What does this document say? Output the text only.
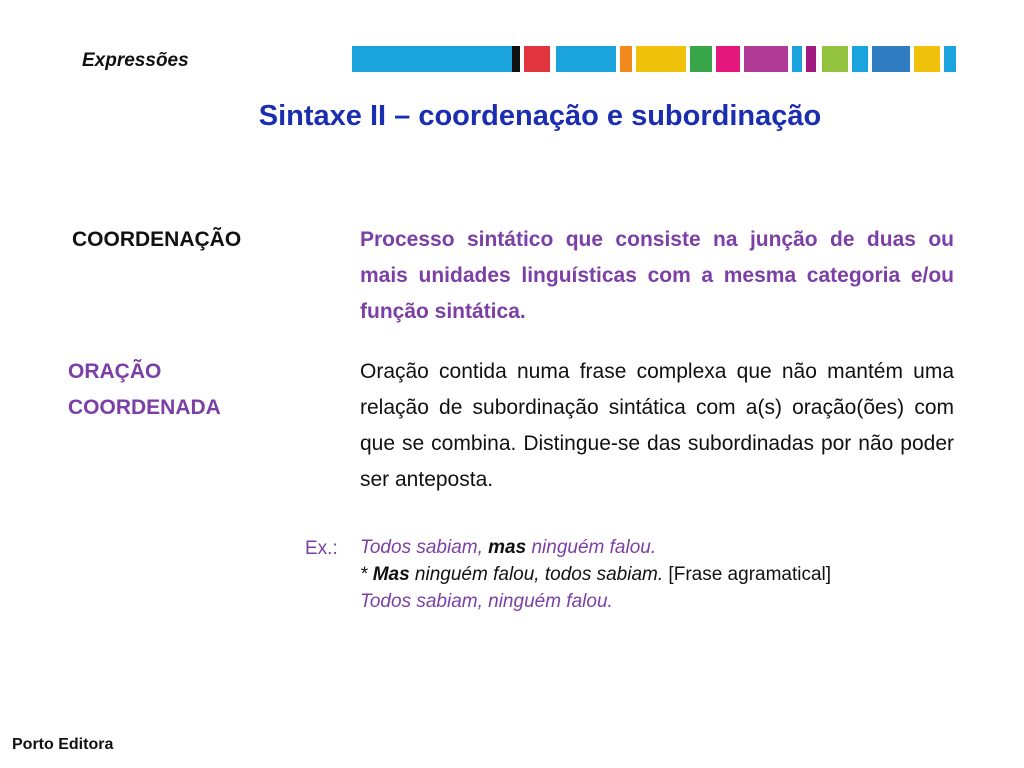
Expressões
Sintaxe II – coordenação e subordinação
COORDENAÇÃO	Processo sintático que consiste na junção de duas ou mais unidades linguísticas com a mesma categoria e/ou função sintática.
ORAÇÃO COORDENADA
Oração contida numa frase complexa que não mantém uma relação de subordinação sintática com a(s) oração(ões) com que se combina. Distingue-se das subordinadas por não poder ser anteposta.
Ex.: Todos sabiam, mas ninguém falou.
* Mas ninguém falou, todos sabiam. [Frase agramatical]
Todos sabiam, ninguém falou.
Porto Editora
